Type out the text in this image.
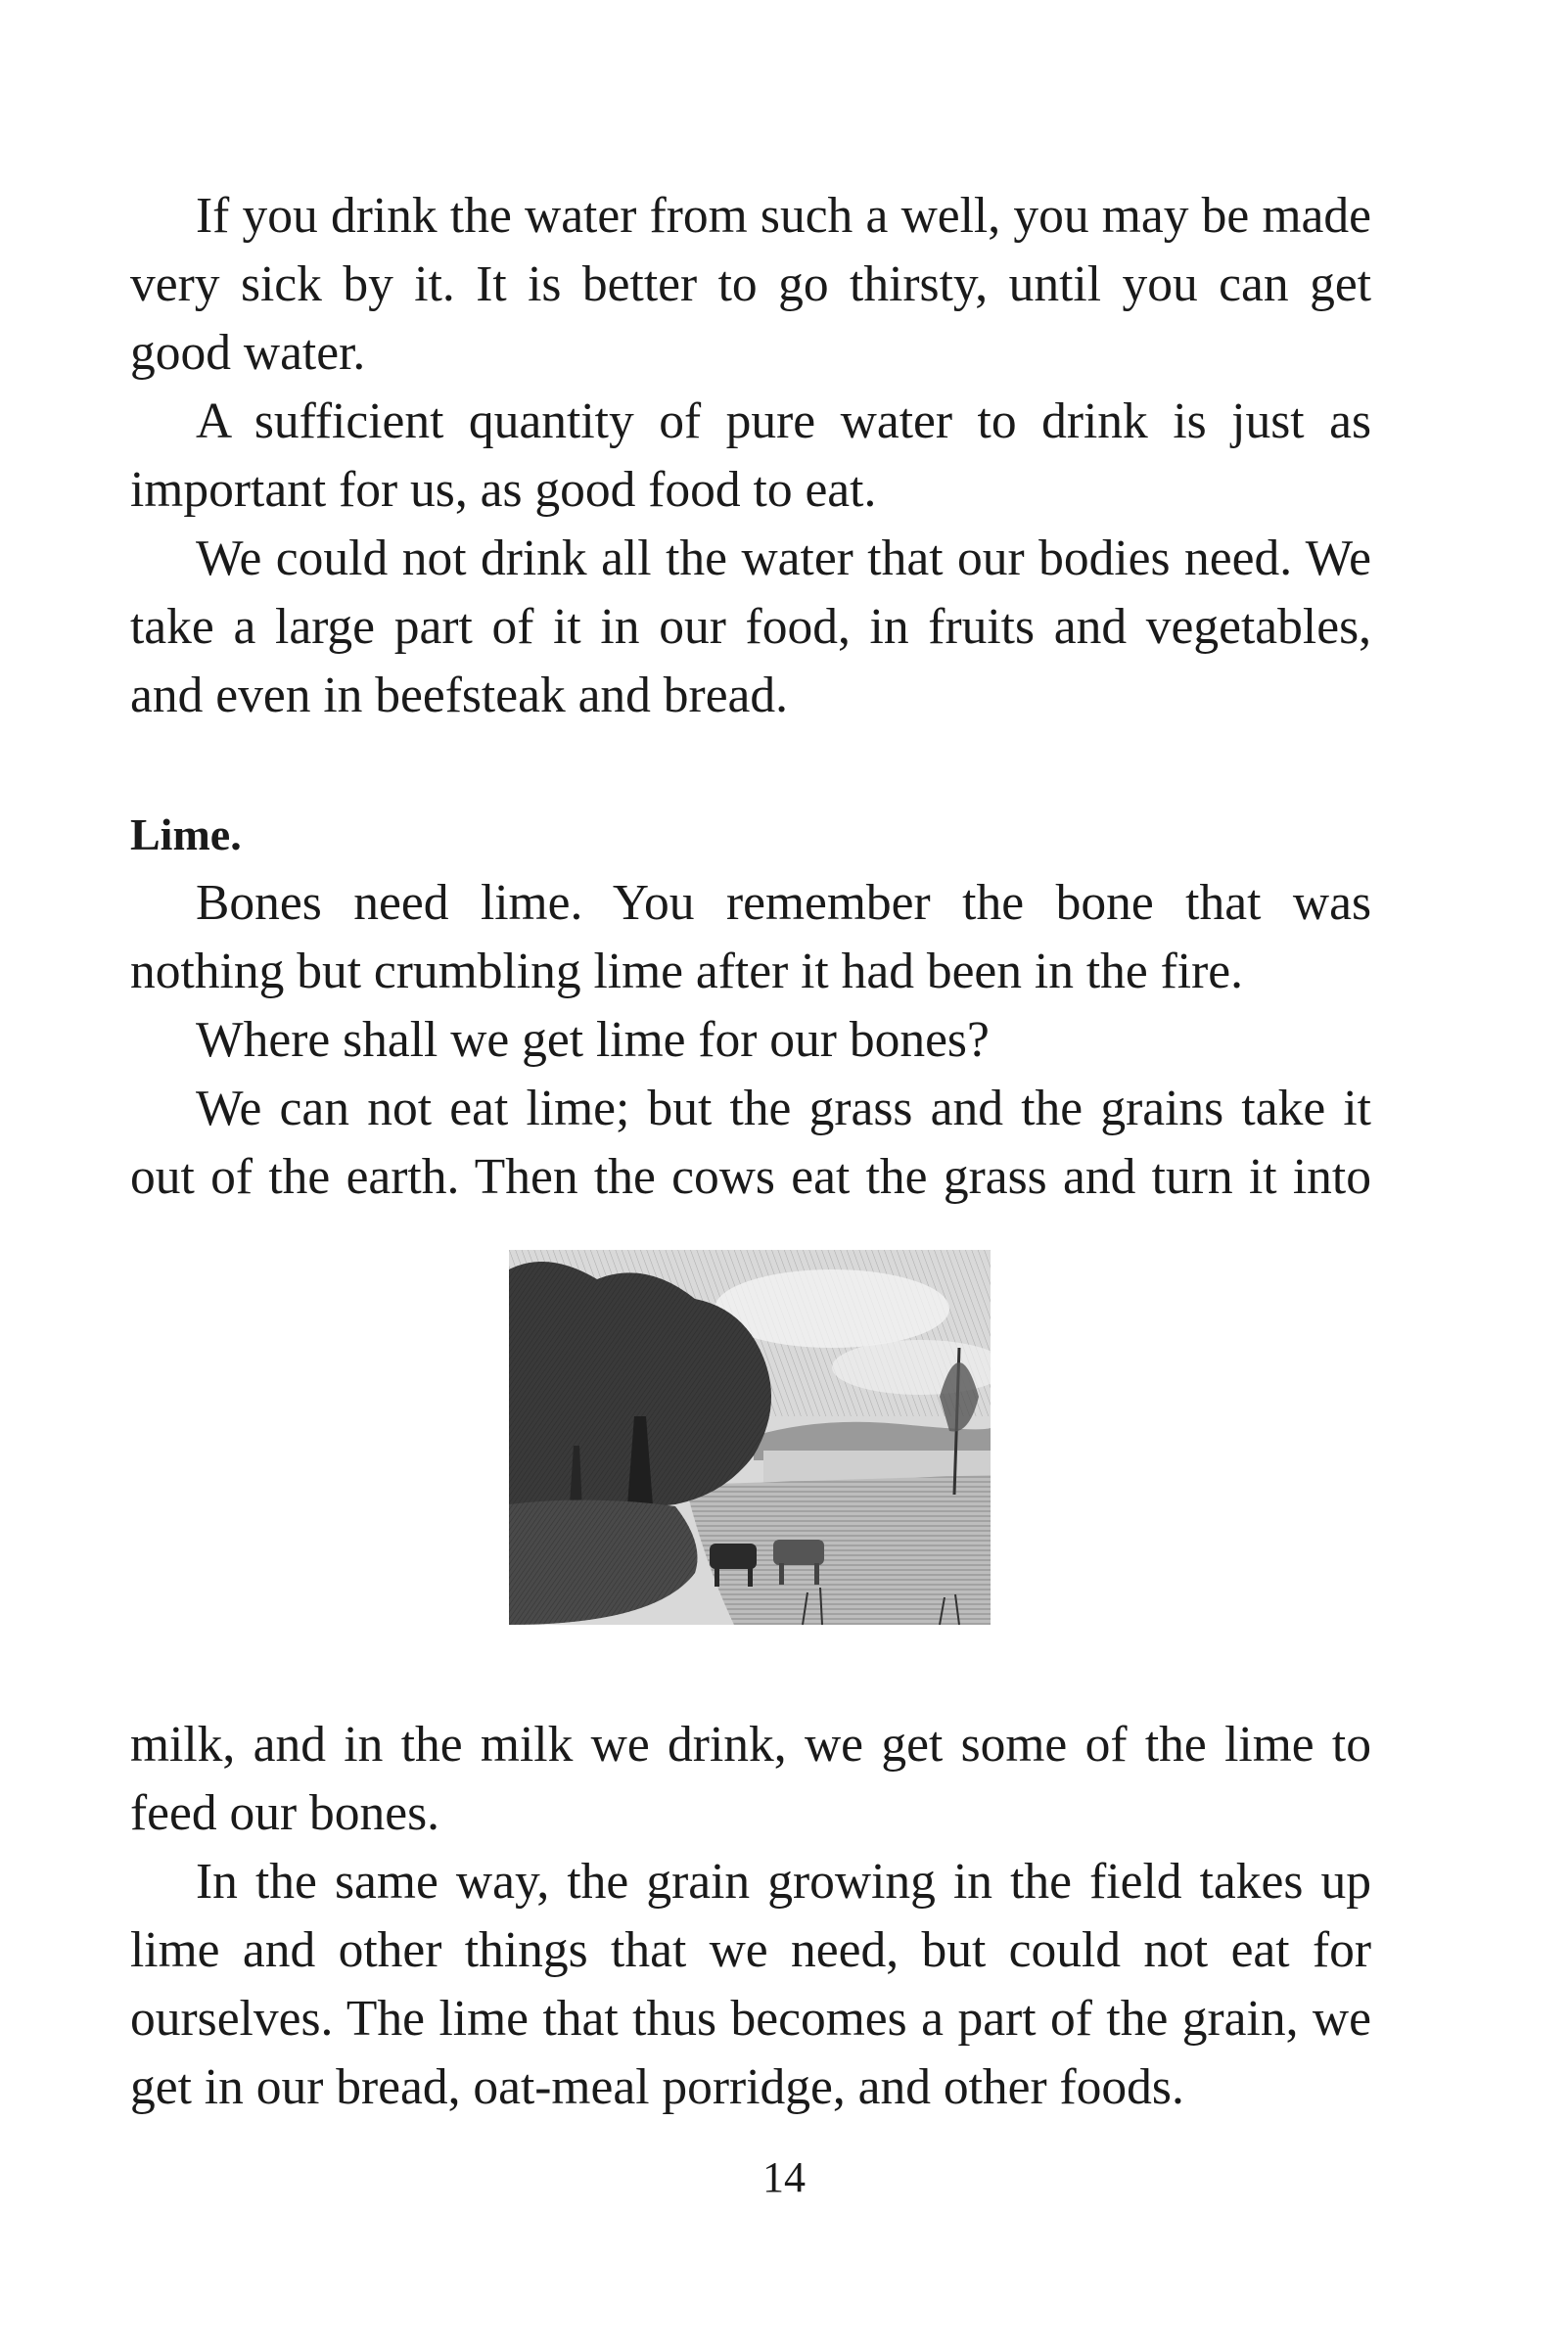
If you drink the water from such a well, you may be made very sick by it. It is better to go thirsty, until you can get good water.

A sufficient quantity of pure water to drink is just as important for us, as good food to eat.

We could not drink all the water that our bodies need. We take a large part of it in our food, in fruits and vegetables, and even in beefsteak and bread.

Lime.

Bones need lime. You remember the bone that was nothing but crumbling lime after it had been in the fire.

Where shall we get lime for our bones?

We can not eat lime; but the grass and the grains take it out of the earth. Then the cows eat the grass and turn it into

milk, and in the milk we drink, we get some of the lime to feed our bones.

In the same way, the grain growing in the field takes up lime and other things that we need, but could not eat for ourselves. The lime that thus becomes a part of the grain, we get in our bread, oat-meal porridge, and other foods.

14
